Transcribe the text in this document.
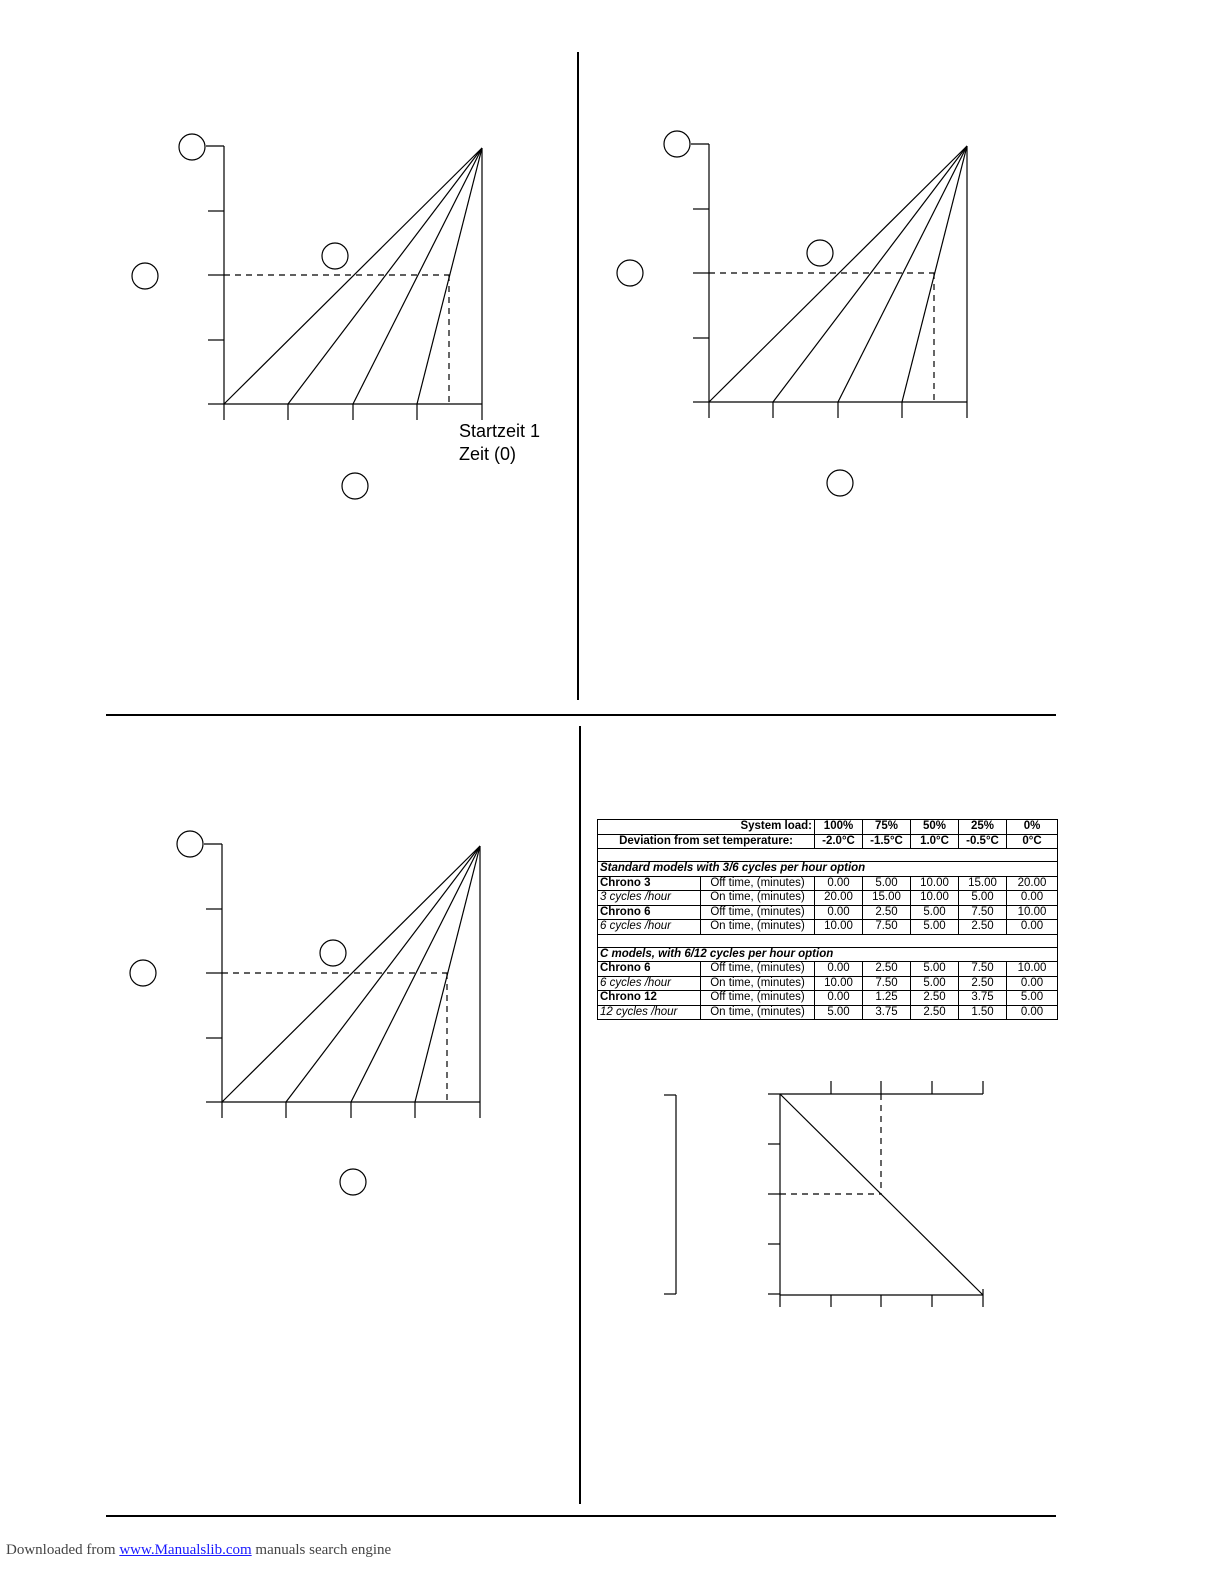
Startzeit 1
Zeit (0)
System load:		100%	75%	50%	25%	0%
Deviation from set temperature:		-2.0°C	-1.5°C	1.0°C	-0.5°C	0°C

Standard models with 3/6 cycles per hour option						
Chrono 3	Off time, (minutes)	0.00	5.00	10.00	15.00	20.00
3 cycles /hour	On time, (minutes)	20.00	15.00	10.00	5.00	0.00
Chrono 6	Off time, (minutes)	0.00	2.50	5.00	7.50	10.00
6 cycles /hour	On time, (minutes)	10.00	7.50	5.00	2.50	0.00

C models, with 6/12 cycles per hour option						
Chrono 6	Off time, (minutes)	0.00	2.50	5.00	7.50	10.00
6 cycles /hour	On time, (minutes)	10.00	7.50	5.00	2.50	0.00
Chrono 12	Off time, (minutes)	0.00	1.25	2.50	3.75	5.00
12 cycles /hour	On time, (minutes)	5.00	3.75	2.50	1.50	0.00
Downloaded from www.Manualslib.com manuals search engine
